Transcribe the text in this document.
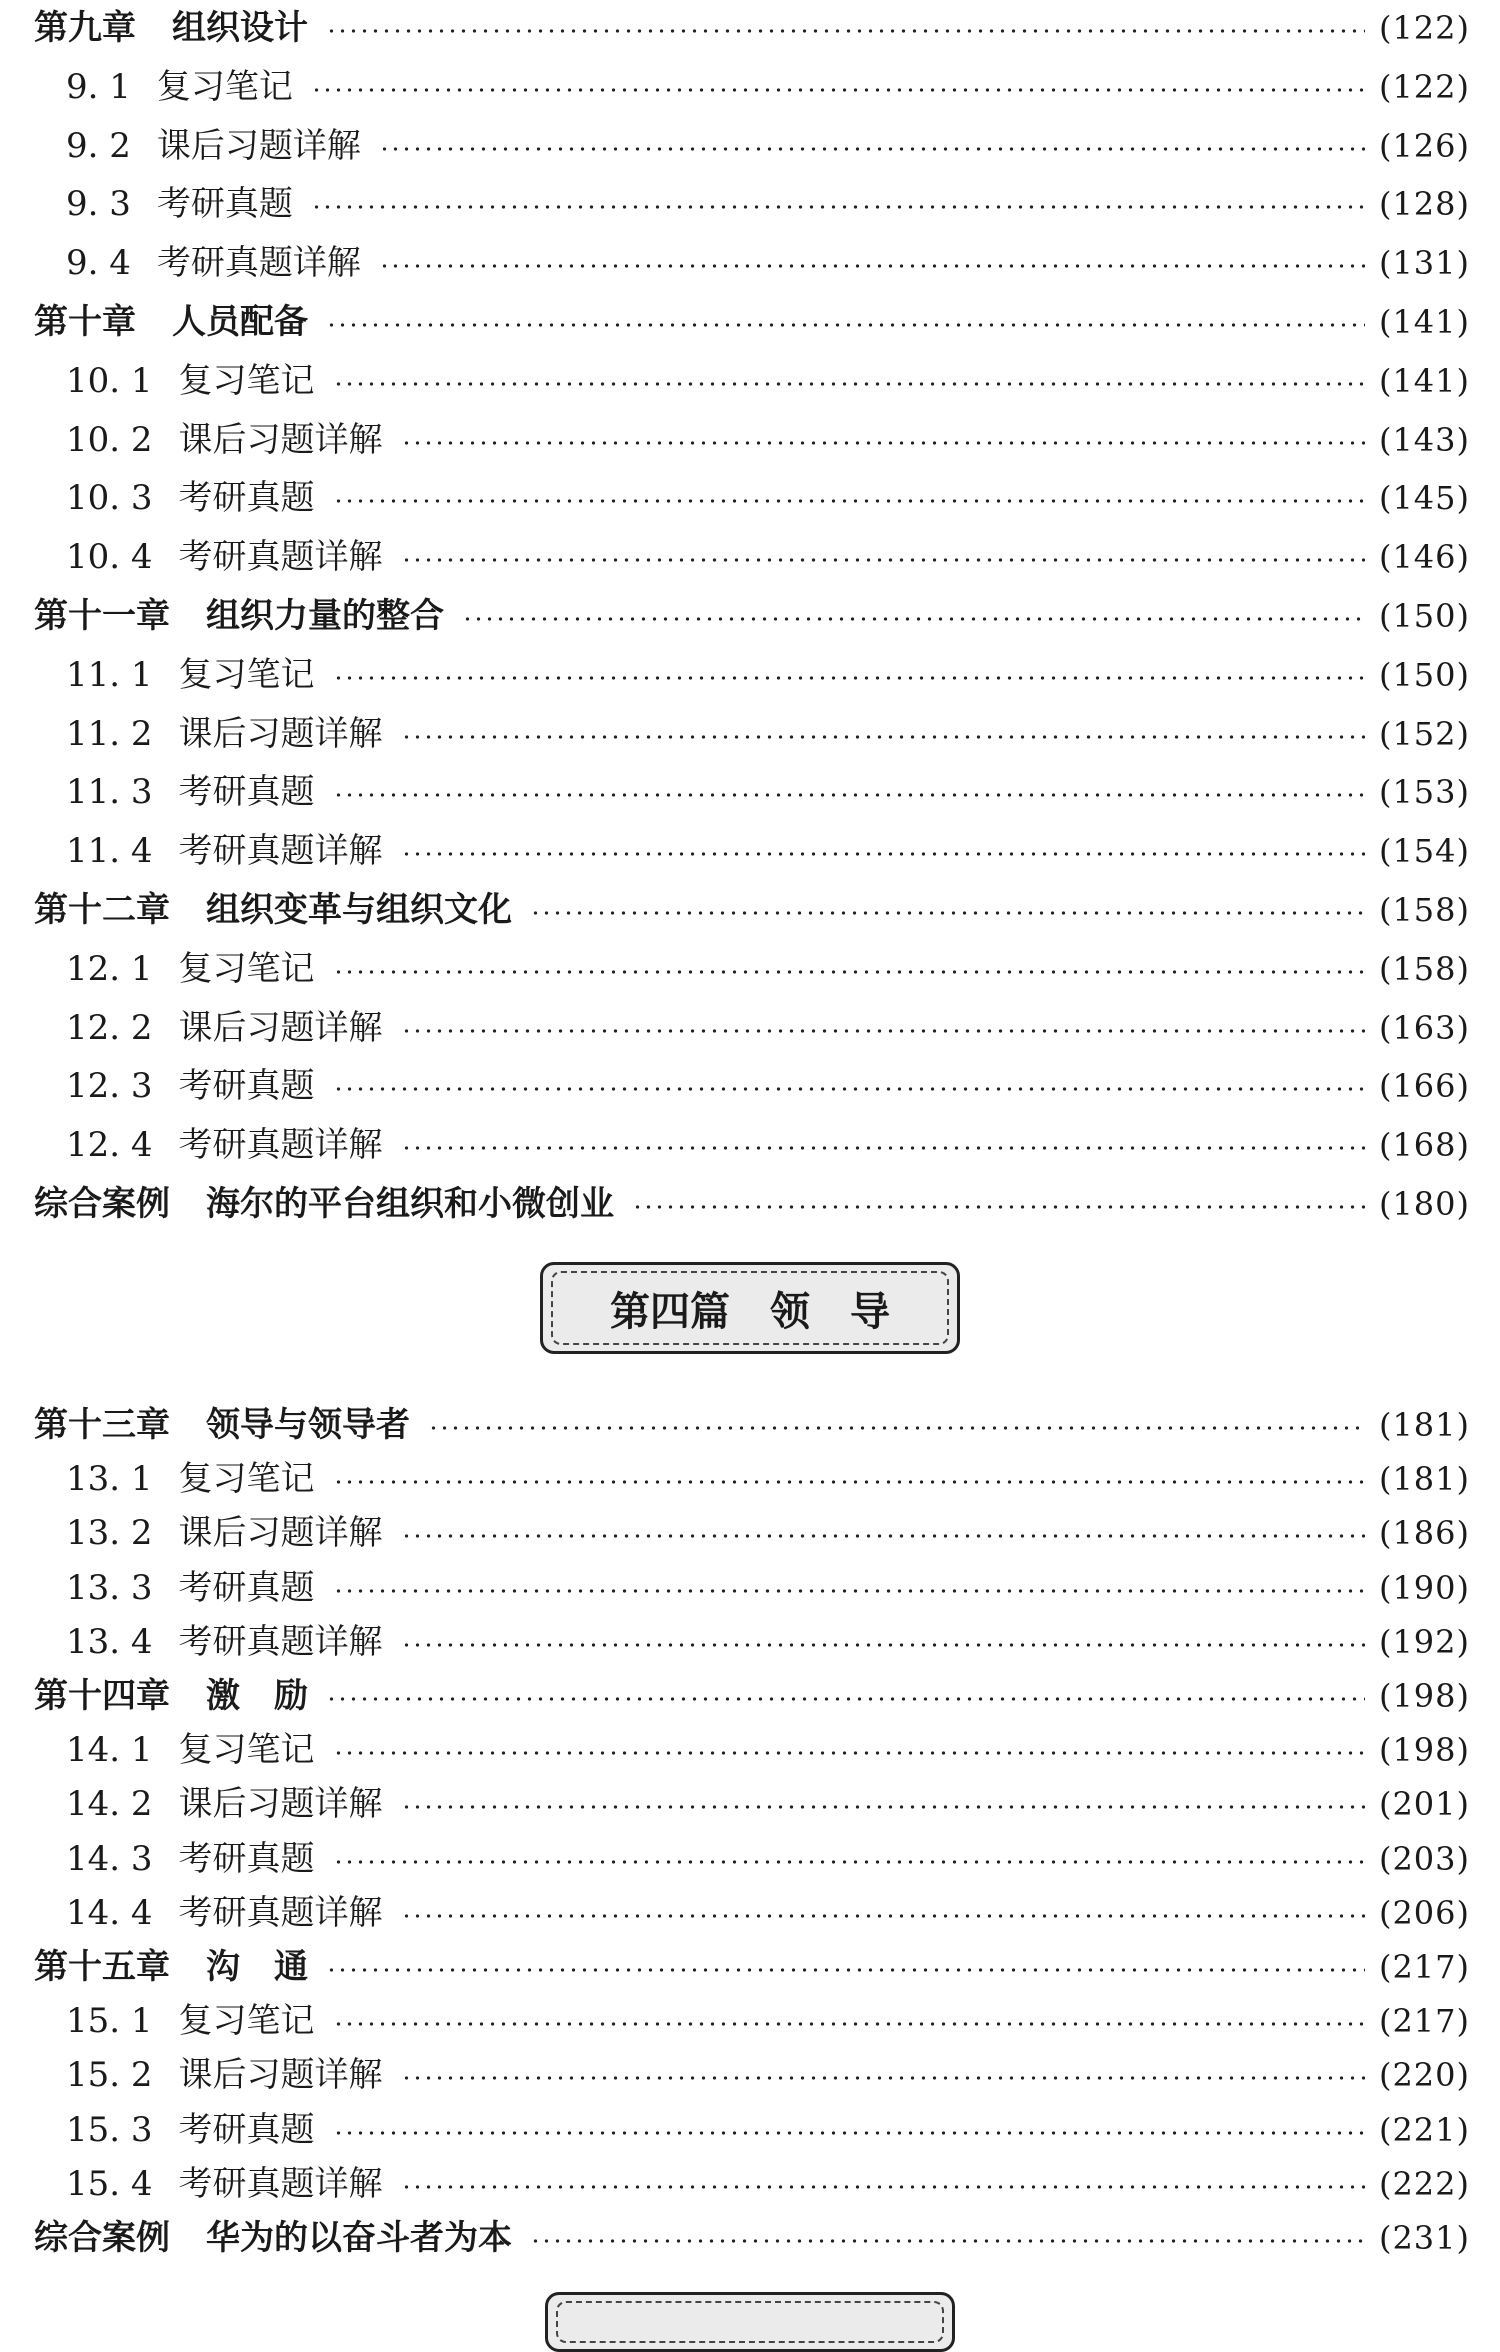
第九章 组织设计	(122)
9. 1 复习笔记	(122)
9. 2 课后习题详解	(126)
9. 3 考研真题	(128)
9. 4 考研真题详解	(131)
第十章 人员配备	(141)
10. 1 复习笔记	(141)
10. 2 课后习题详解	(143)
10. 3 考研真题	(145)
10. 4 考研真题详解	(146)
第十一章 组织力量的整合	(150)
11. 1 复习笔记	(150)
11. 2 课后习题详解	(152)
11. 3 考研真题	(153)
11. 4 考研真题详解	(154)
第十二章 组织变革与组织文化	(158)
12. 1 复习笔记	(158)
12. 2 课后习题详解	(163)
12. 3 考研真题	(166)
12. 4 考研真题详解	(168)
综合案例 海尔的平台组织和小微创业	(180)
第十三章 领导与领导者	(181)
13. 1 复习笔记	(181)
13. 2 课后习题详解	(186)
13. 3 考研真题	(190)
13. 4 考研真题详解	(192)
第十四章 激　励	(198)
14. 1 复习笔记	(198)
14. 2 课后习题详解	(201)
14. 3 考研真题	(203)
14. 4 考研真题详解	(206)
第十五章 沟　通	(217)
15. 1 复习笔记	(217)
15. 2 课后习题详解	(220)
15. 3 考研真题	(221)
15. 4 考研真题详解	(222)
综合案例 华为的以奋斗者为本	(231)
第四篇　领　导
